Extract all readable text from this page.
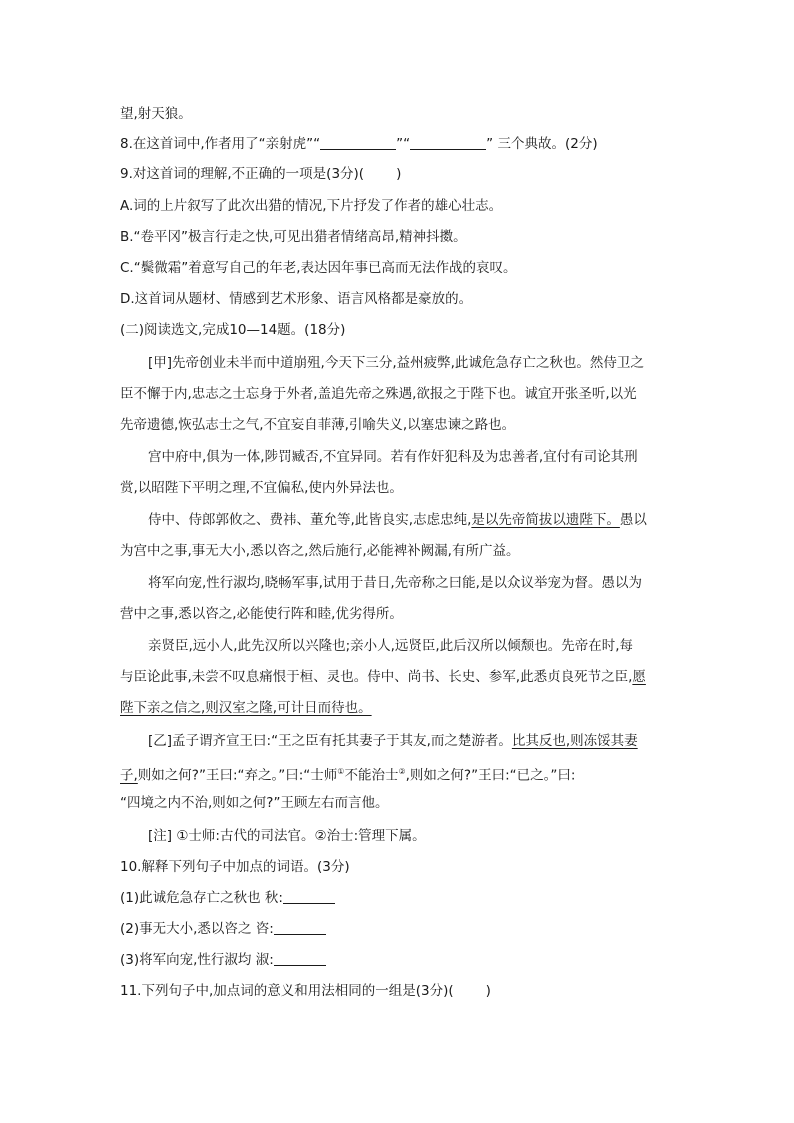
望,射天狼。
8.在这首词中,作者用了“亲射虎”“	”“	” 三个典故。(2分)
9.对这首词的理解,不正确的一项是(3分)( )
A.词的上片叙写了此次出猎的情况,下片抒发了作者的雄心壮志。
B.“卷平冈”极言行走之快,可见出猎者情绪高昂,精神抖擞。
C.“鬓微霜”着意写自己的年老,表达因年事已高而无法作战的哀叹。
D.这首词从题材、情感到艺术形象、语言风格都是豪放的。
(二)阅读选文,完成10—14题。(18分)
[甲]先帝创业未半而中道崩殂,今天下三分,益州疲弊,此诚危急存亡之秋也。然侍卫之
臣不懈于内,忠志之士忘身于外者,盖追先帝之殊遇,欲报之于陛下也。诚宜开张圣听,以光
先帝遗德,恢弘志士之气,不宜妄自菲薄,引喻失义,以塞忠谏之路也。
宫中府中,俱为一体,陟罚臧否,不宜异同。若有作奸犯科及为忠善者,宜付有司论其刑
赏,以昭陛下平明之理,不宜偏私,使内外异法也。
侍中、侍郎郭攸之、费祎、董允等,此皆良实,志虑忠纯,是以先帝简拔以遗陛下。愚以
为宫中之事,事无大小,悉以咨之,然后施行,必能裨补阙漏,有所广益。
将军向宠,性行淑均,晓畅军事,试用于昔日,先帝称之曰能,是以众议举宠为督。愚以为
营中之事,悉以咨之,必能使行阵和睦,优劣得所。
亲贤臣,远小人,此先汉所以兴隆也;亲小人,远贤臣,此后汉所以倾颓也。先帝在时,每
与臣论此事,未尝不叹息痛恨于桓、灵也。侍中、尚书、长史、参军,此悉贞良死节之臣,愿
陛下亲之信之,则汉室之隆,可计日而待也。
[乙]孟子谓齐宣王曰:“王之臣有托其妻子于其友,而之楚游者。比其反也,则冻馁其妻
子,则如之何?”王曰:“弃之。”曰:“士师①不能治士②,则如之何?”王曰:“已之。”曰:
“四境之内不治,则如之何?”王顾左右而言他。
[注] ①士师:古代的司法官。②治士:管理下属。
10.解释下列句子中加点的词语。(3分)
(1)此诚危急存亡之秋也 秋:
(2)事无大小,悉以咨之 咨:
(3)将军向宠,性行淑均 淑:
11.下列句子中,加点词的意义和用法相同的一组是(3分)( )
